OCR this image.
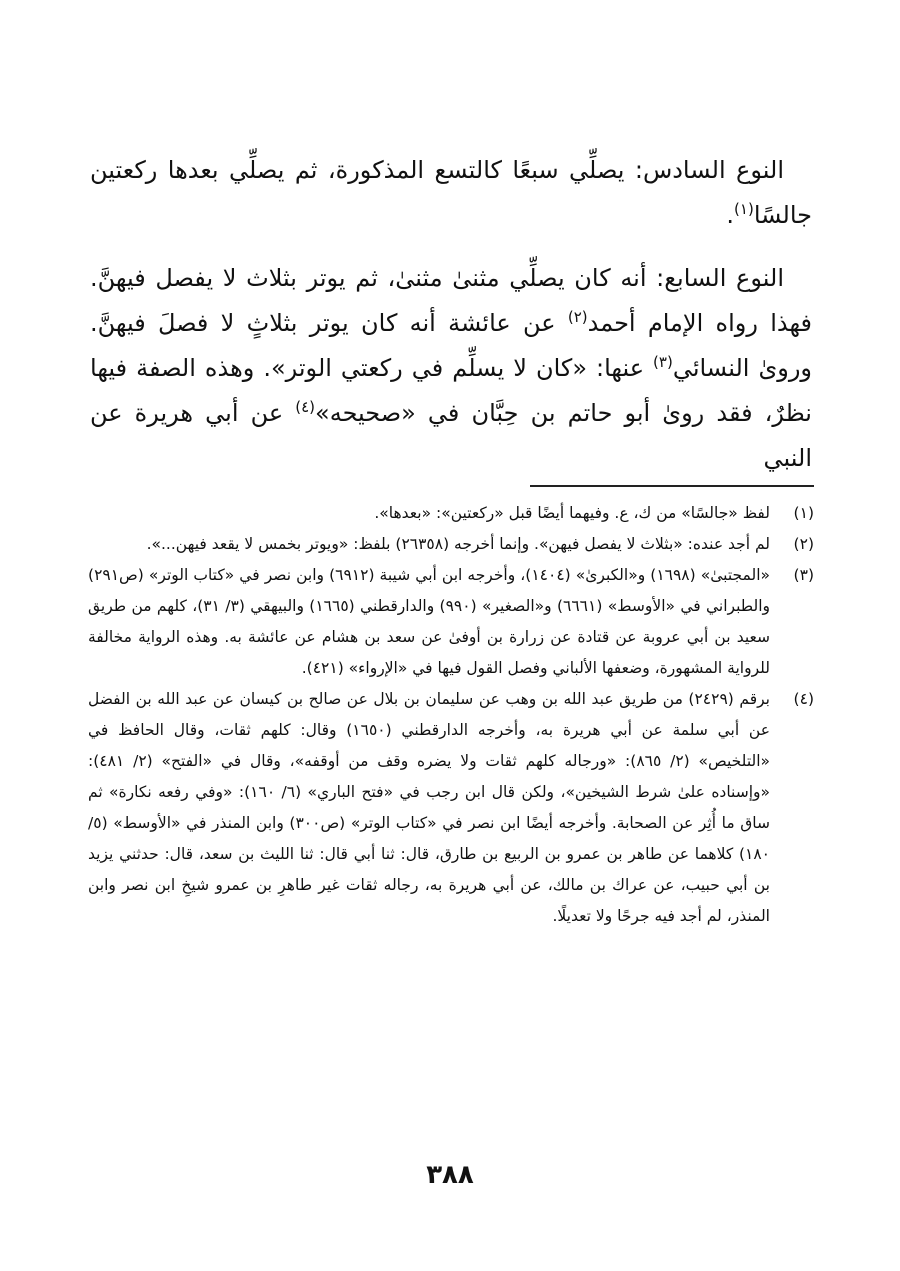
النوع السادس: يصلِّي سبعًا كالتسع المذكورة، ثم يصلِّي بعدها ركعتين جالسًا$^{(١)}$.

النوع السابع: أنه كان يصلِّي مثنىٰ مثنىٰ، ثم يوتر بثلاث لا يفصل فيهنَّ. فهذا رواه الإمام أحمد$^{(٢)}$ عن عائشة أنه كان يوتر بثلاثٍ لا فصلَ فيهنَّ. وروىٰ النسائي$^{(٣)}$ عنها: «كان لا يسلِّم في ركعتي الوتر». وهذه الصفة فيها نظرٌ، فقد روىٰ أبو حاتم بن حِبَّان في «صحيحه»$^{(٤)}$ عن أبي هريرة عن النبي

(١)
لفظ «جالسًا» من ك، ع. وفيهما أيضًا قبل «ركعتين»: «بعدها».
(٢)
لم أجد عنده: «بثلاث لا يفصل فيهن». وإنما أخرجه (٢٦٣٥٨) بلفظ: «ويوتر بخمس لا يقعد فيهن...».
(٣)
«المجتبىٰ» (١٦٩٨) و«الكبرىٰ» (١٤٠٤)، وأخرجه ابن أبي شيبة (٦٩١٢) وابن نصر في «كتاب الوتر» (ص٢٩١) والطبراني في «الأوسط» (٦٦٦١) و«الصغير» (٩٩٠) والدارقطني (١٦٦٥) والبيهقي (٣/ ٣١)، كلهم من طريق سعيد بن أبي عروبة عن قتادة عن زرارة بن أوفىٰ عن سعد بن هشام عن عائشة به. وهذه الرواية مخالفة للرواية المشهورة، وضعفها الألباني وفصل القول فيها في «الإرواء» (٤٢١).
(٤)
برقم (٢٤٢٩) من طريق عبد الله بن وهب عن سليمان بن بلال عن صالح بن كيسان عن عبد الله بن الفضل عن أبي سلمة عن أبي هريرة به، وأخرجه الدارقطني (١٦٥٠) وقال: كلهم ثقات، وقال الحافظ في «التلخيص» (٢/ ٨٦٥): «ورجاله كلهم ثقات ولا يضره وقف من أوقفه»، وقال في «الفتح» (٢/ ٤٨١): «وإسناده علىٰ شرط الشيخين»، ولكن قال ابن رجب في «فتح الباري» (٦/ ١٦٠): «وفي رفعه نكارة» ثم ساق ما أُثِر عن الصحابة. وأخرجه أيضًا ابن نصر في «كتاب الوتر» (ص٣٠٠) وابن المنذر في «الأوسط» (٥/ ١٨٠) كلاهما عن طاهر بن عمرو بن الربيع بن طارق، قال: ثنا أبي قال: ثنا الليث بن سعد، قال: حدثني يزيد بن أبي حبيب، عن عراك بن مالك، عن أبي هريرة به، رجاله ثقات غير طاهرِ بن عمرو شيخِ ابن نصر وابن المنذر، لم أجد فيه جرحًا ولا تعديلًا.
٣٨٨
